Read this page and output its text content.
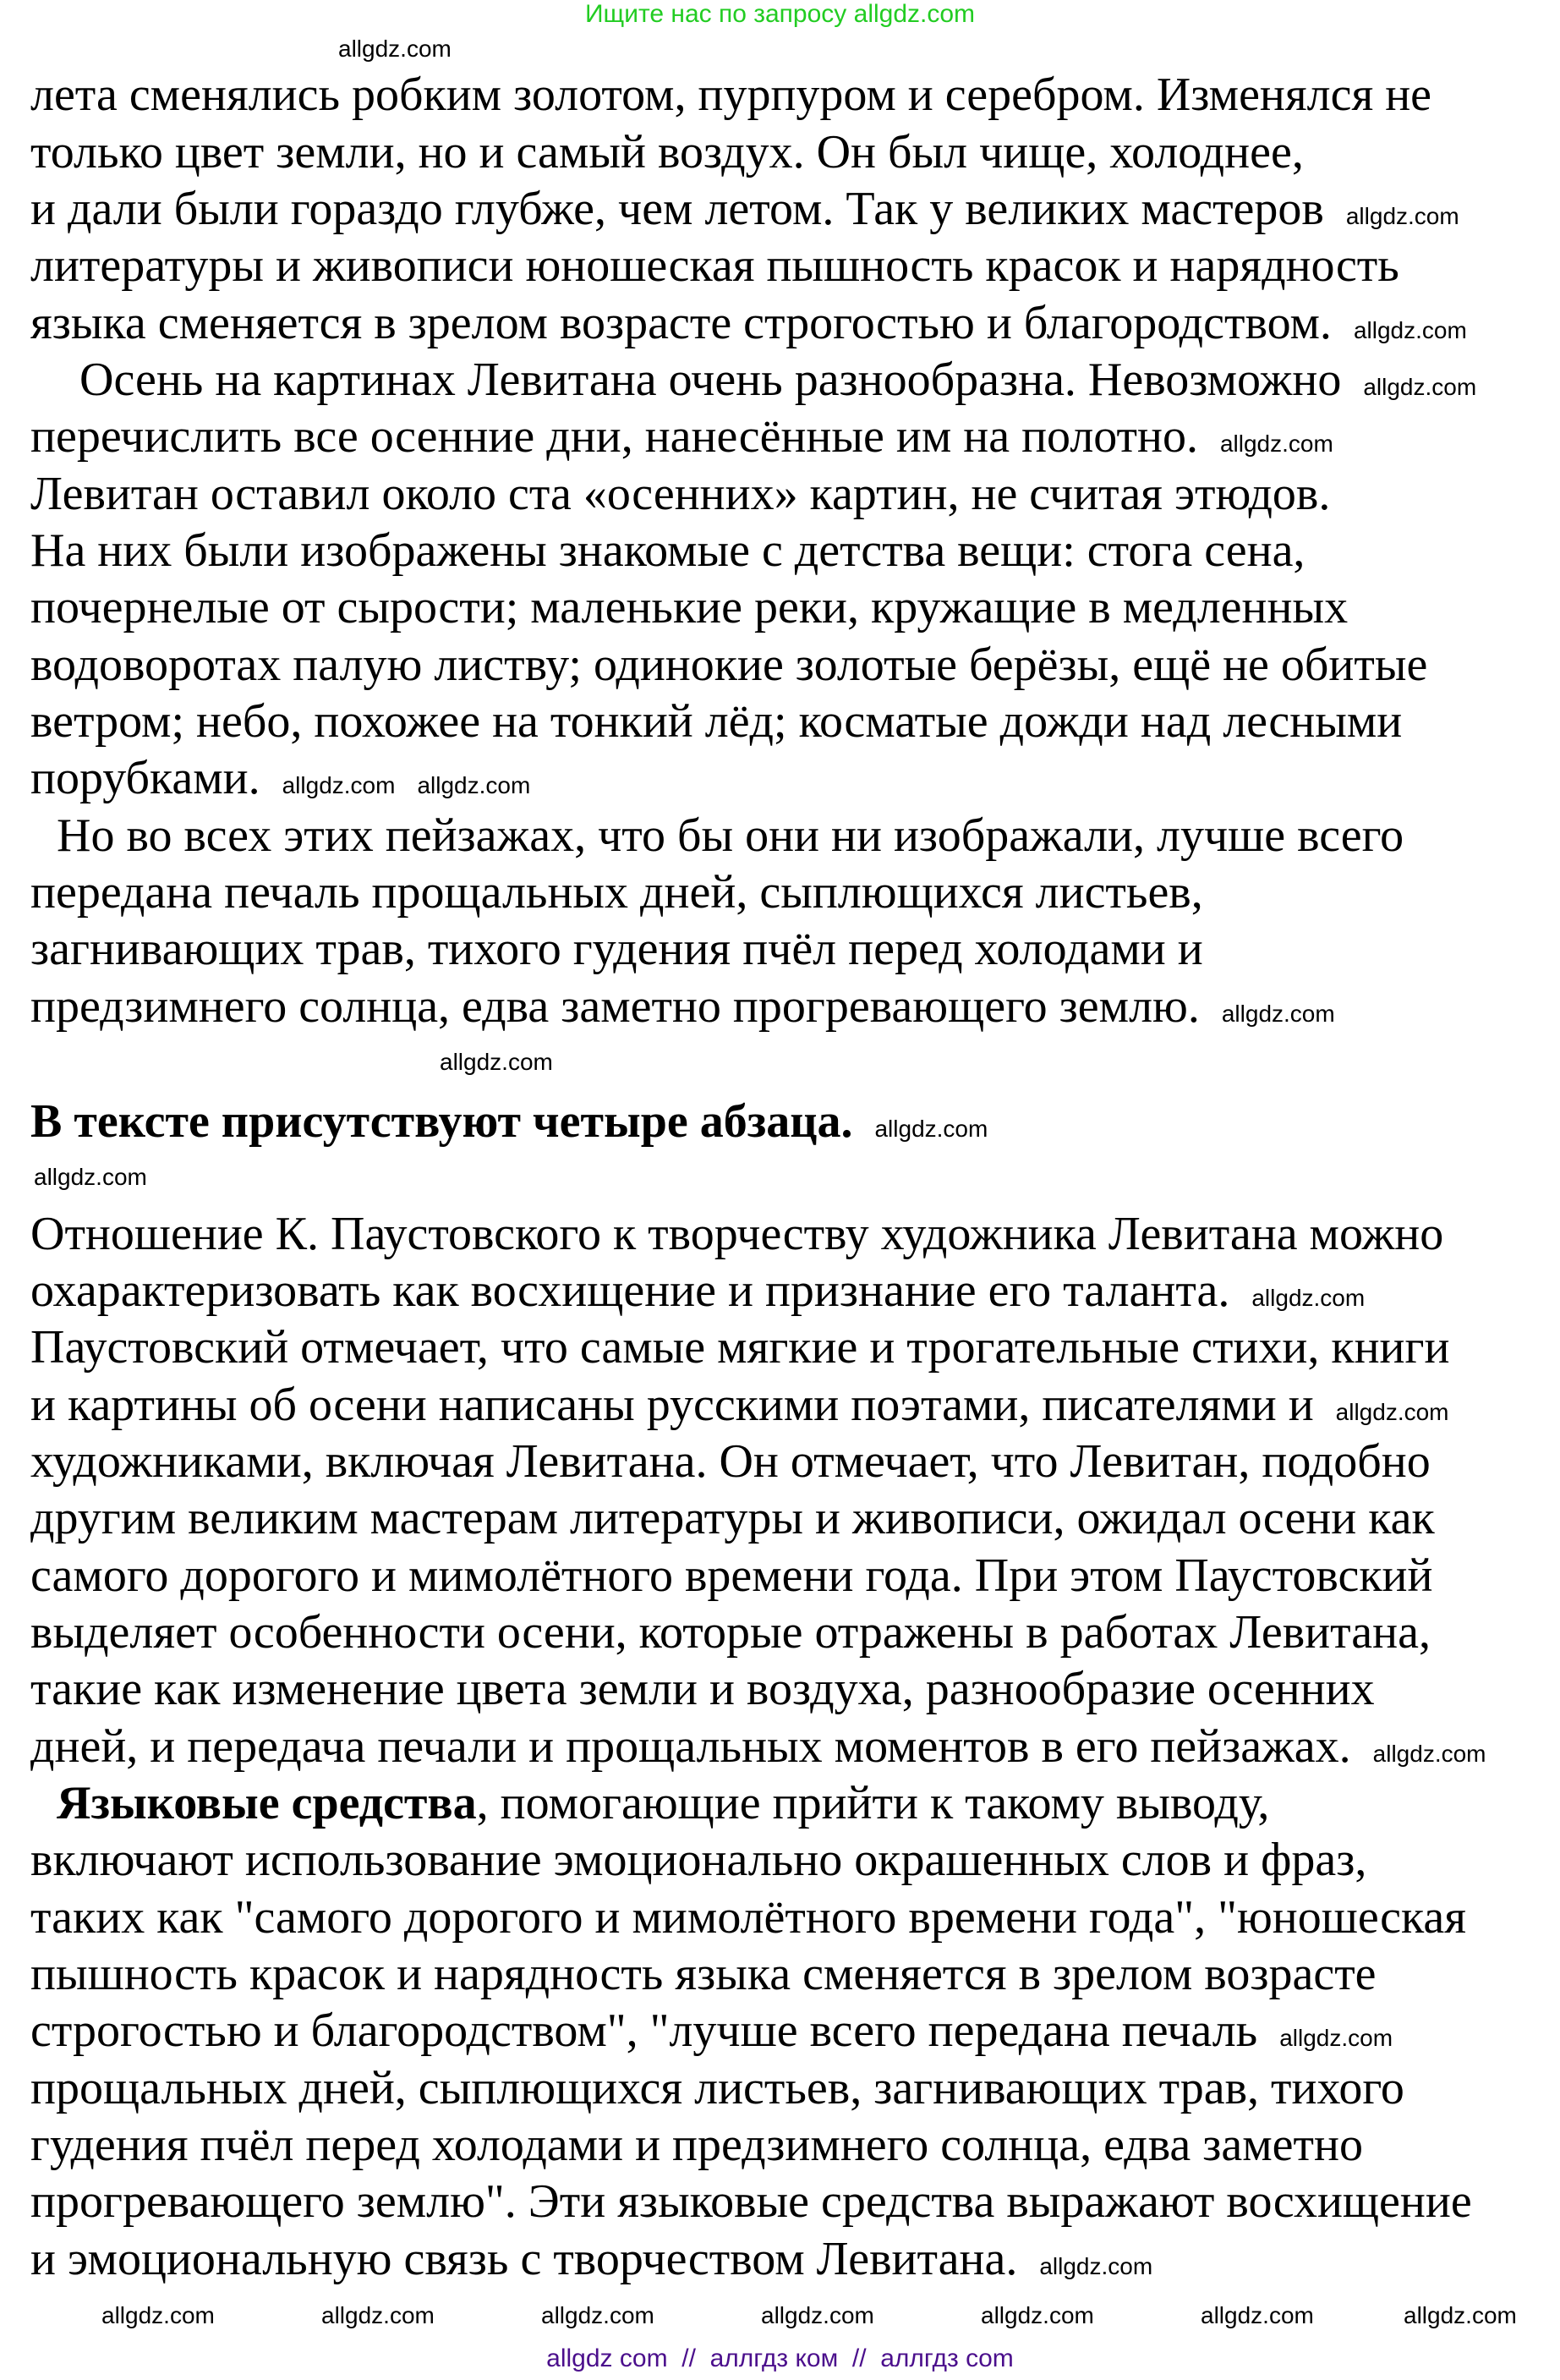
Ищите нас по запросу allgdz.com
лета сменялись робким золотом, пурпуром и серебром. Изменялся не
только цвет земли, но и самый воздух. Он был чище, холоднее,
и дали были гораздо глубже, чем летом. Так у великих мастеров allgdz.com
литературы и живописи юношеская пышность красок и нарядность
языка сменяется в зрелом возрасте строгостью и благородством. allgdz.com
Осень на картинах Левитана очень разнообразна. Невозможно allgdz.com
перечислить все осенние дни, нанесённые им на полотно. allgdz.com
Левитан оставил около ста «осенних» картин, не считая этюдов.
На них были изображены знакомые с детства вещи: стога сена,
почернелые от сырости; маленькие реки, кружащие в медленных
водоворотах палую листву; одинокие золотые берёзы, ещё не обитые
ветром; небо, похожее на тонкий лёд; косматые дожди над лесными
порубками. allgdz.com allgdz.com
Но во всех этих пейзажах, что бы они ни изображали, лучше всего
передана печаль прощальных дней, сыплющихся листьев,
загнивающих трав, тихого гудения пчёл перед холодами и
предзимнего солнца, едва заметно прогревающего землю. allgdz.com
В тексте присутствуют четыре абзаца. allgdz.com
Отношение К. Паустовского к творчеству художника Левитана можно
охарактеризовать как восхищение и признание его таланта. allgdz.com
Паустовский отмечает, что самые мягкие и трогательные стихи, книги
и картины об осени написаны русскими поэтами, писателями и allgdz.com
художниками, включая Левитана. Он отмечает, что Левитан, подобно
другим великим мастерам литературы и живописи, ожидал осени как
самого дорогого и мимолётного времени года. При этом Паустовский
выделяет особенности осени, которые отражены в работах Левитана,
такие как изменение цвета земли и воздуха, разнообразие осенних
дней, и передача печали и прощальных моментов в его пейзажах. allgdz.com
Языковые средства, помогающие прийти к такому выводу,
включают использование эмоционально окрашенных слов и фраз,
таких как "самого дорогого и мимолётного времени года", "юношеская
пышность красок и нарядность языка сменяется в зрелом возрасте
строгостью и благородством", "лучше всего передана печаль allgdz.com
прощальных дней, сыплющихся листьев, загнивающих трав, тихого
гудения пчёл перед холодами и предзимнего солнца, едва заметно
прогревающего землю". Эти языковые средства выражают восхищение
и эмоциональную связь с творчеством Левитана. allgdz.com
allgdz.com
allgdz.com
allgdz.com
allgdz.com	allgdz.com	allgdz.com	allgdz.com	allgdz.com	allgdz.com	allgdz.com
allgdz com  //  аллгдз ком  //  аллгдз com
